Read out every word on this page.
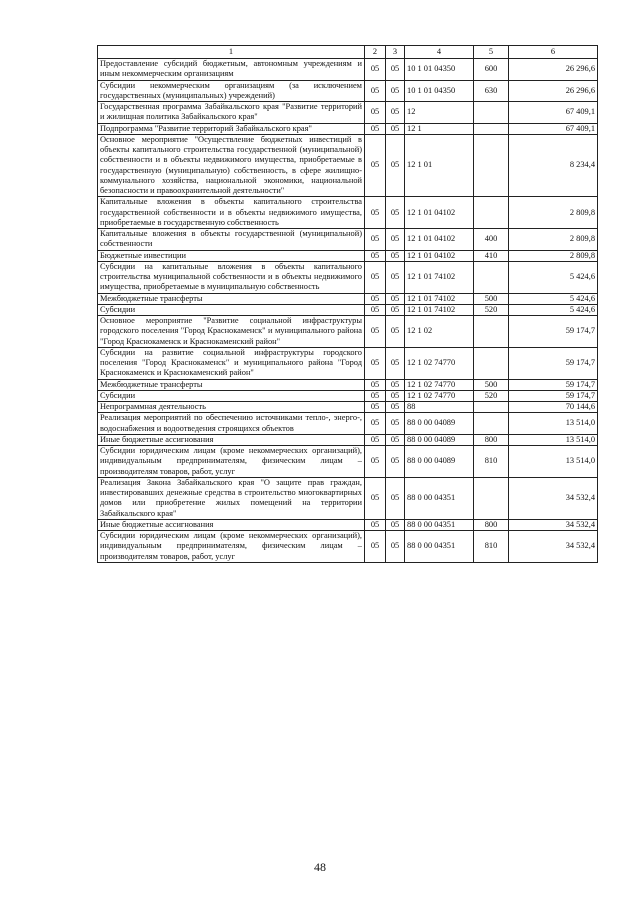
1	2	3	4	5	6
Предоставление субсидий бюджетным, автономным учреждениям и иным некоммерческим организациям	05	05	10 1 01 04350	600	26 296,6
Субсидии некоммерческим организациям (за исключением государственных (муниципальных) учреждений)	05	05	10 1 01 04350	630	26 296,6
Государственная программа Забайкальского края "Развитие территорий и жилищная политика Забайкальского края"	05	05	12		67 409,1
Подпрограмма "Развитие территорий Забайкальского края"	05	05	12 1		67 409,1
Основное мероприятие "Осуществление бюджетных инвестиций в объекты капитального строительства государственной (муниципальной) собственности и в объекты недвижимого имущества, приобретаемые в государственную (муниципальную) собственность, в сфере жилищно-коммунального хозяйства, национальной экономики, национальной безопасности и правоохранительной деятельности"	05	05	12 1 01		8 234,4
Капитальные вложения в объекты капитального строительства государственной собственности и в объекты недвижимого имущества, приобретаемые в государственную собственность	05	05	12 1 01 04102		2 809,8
Капитальные вложения в объекты государственной (муниципальной) собственности	05	05	12 1 01 04102	400	2 809,8
Бюджетные инвестиции	05	05	12 1 01 04102	410	2 809,8
Субсидии на капитальные вложения в объекты капитального строительства муниципальной собственности и в объекты недвижимого имущества, приобретаемые в муниципальную собственность	05	05	12 1 01 74102		5 424,6
Межбюджетные трансферты	05	05	12 1 01 74102	500	5 424,6
Субсидии	05	05	12 1 01 74102	520	5 424,6
Основное мероприятие "Развитие социальной инфраструктуры городского поселения "Город Краснокаменск" и муниципального района "Город Краснокаменск и Краснокаменский район"	05	05	12 1 02		59 174,7
Субсидии на развитие социальной инфраструктуры городского поселения "Город Краснокаменск" и муниципального района "Город Краснокаменск и Краснокаменский район"	05	05	12 1 02 74770		59 174,7
Межбюджетные трансферты	05	05	12 1 02 74770	500	59 174,7
Субсидии	05	05	12 1 02 74770	520	59 174,7
Непрограммная деятельность	05	05	88		70 144,6
Реализация мероприятий по обеспечению источниками тепло-, энерго-, водоснабжения и водоотведения строящихся объектов	05	05	88 0 00 04089		13 514,0
Иные бюджетные ассигнования	05	05	88 0 00 04089	800	13 514,0
Субсидии юридическим лицам (кроме некоммерческих организаций), индивидуальным предпринимателям, физическим лицам – производителям товаров, работ, услуг	05	05	88 0 00 04089	810	13 514,0
Реализация Закона Забайкальского края "О защите прав граждан, инвестировавших денежные средства в строительство многоквартирных домов или приобретение жилых помещений на территории Забайкальского края"	05	05	88 0 00 04351		34 532,4
Иные бюджетные ассигнования	05	05	88 0 00 04351	800	34 532,4
Субсидии юридическим лицам (кроме некоммерческих организаций), индивидуальным предпринимателям, физическим лицам – производителям товаров, работ, услуг	05	05	88 0 00 04351	810	34 532,4
48
